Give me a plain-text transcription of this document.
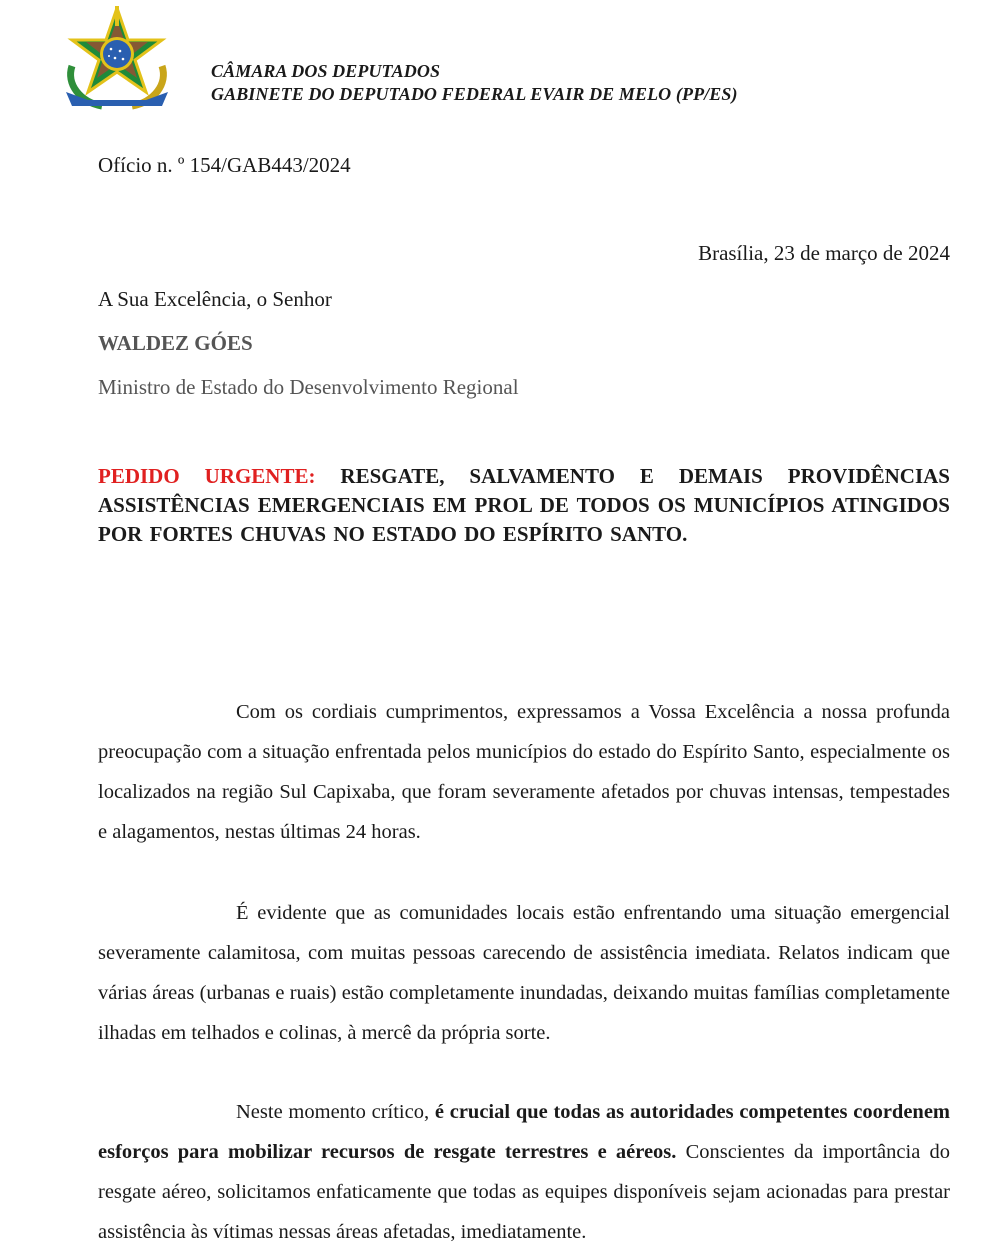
CÂMARA DOS DEPUTADOS
GABINETE DO DEPUTADO FEDERAL EVAIR DE MELO (PP/ES)
Ofício n. º 154/GAB443/2024
Brasília, 23 de março de 2024
A Sua Excelência, o Senhor
WALDEZ GÓES
Ministro de Estado do Desenvolvimento Regional
PEDIDO URGENTE: RESGATE, SALVAMENTO E DEMAIS PROVIDÊNCIAS ASSISTÊNCIAS EMERGENCIAIS EM PROL DE TODOS OS MUNICÍPIOS ATINGIDOS POR FORTES CHUVAS NO ESTADO DO ESPÍRITO SANTO.

Com os cordiais cumprimentos, expressamos a Vossa Excelência a nossa profunda preocupação com a situação enfrentada pelos municípios do estado do Espírito Santo, especialmente os localizados na região Sul Capixaba, que foram severamente afetados por chuvas intensas, tempestades e alagamentos, nestas últimas 24 horas.

É evidente que as comunidades locais estão enfrentando uma situação emergencial severamente calamitosa, com muitas pessoas carecendo de assistência imediata. Relatos indicam que várias áreas (urbanas e ruais) estão completamente inundadas, deixando muitas famílias completamente ilhadas em telhados e colinas, à mercê da própria sorte.

Neste momento crítico, é crucial que todas as autoridades competentes coordenem esforços para mobilizar recursos de resgate terrestres e aéreos. Conscientes da importância do resgate aéreo, solicitamos enfaticamente que todas as equipes disponíveis sejam acionadas para prestar assistência às vítimas nessas áreas afetadas, imediatamente.
